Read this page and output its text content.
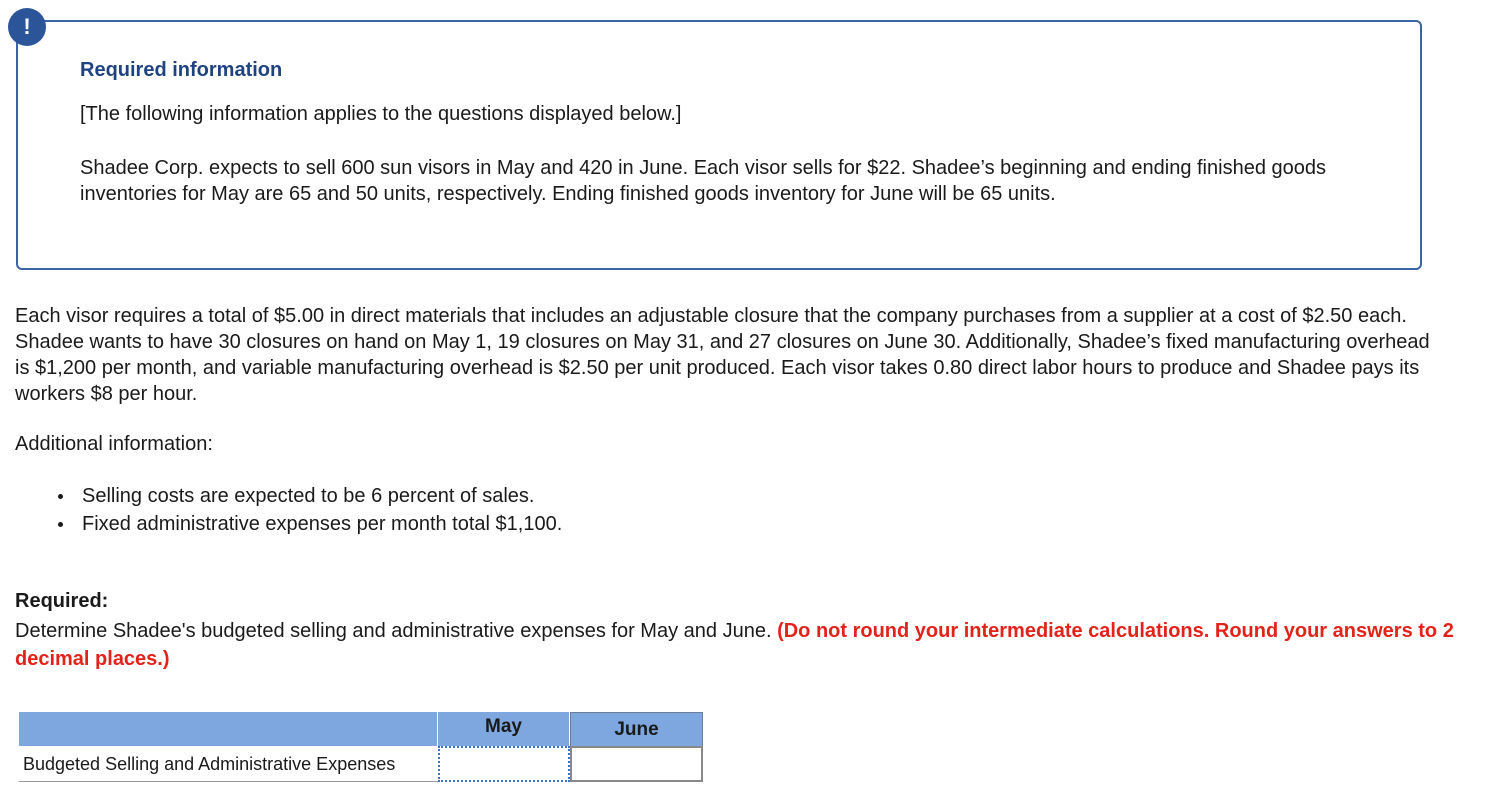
!
Required information
[The following information applies to the questions displayed below.]
Shadee Corp. expects to sell 600 sun visors in May and 420 in June. Each visor sells for $22. Shadee’s beginning and ending finished goods inventories for May are 65 and 50 units, respectively. Ending finished goods inventory for June will be 65 units.
Each visor requires a total of $5.00 in direct materials that includes an adjustable closure that the company purchases from a supplier at a cost of $2.50 each. Shadee wants to have 30 closures on hand on May 1, 19 closures on May 31, and 27 closures on June 30. Additionally, Shadee’s fixed manufacturing overhead is $1,200 per month, and variable manufacturing overhead is $2.50 per unit produced. Each visor takes 0.80 direct labor hours to produce and Shadee pays its workers $8 per hour.
Additional information:
Selling costs are expected to be 6 percent of sales.
Fixed administrative expenses per month total $1,100.
Required:
Determine Shadee's budgeted selling and administrative expenses for May and June. (Do not round your intermediate calculations. Round your answers to 2 decimal places.)
May	June
Budgeted Selling and Administrative Expenses
